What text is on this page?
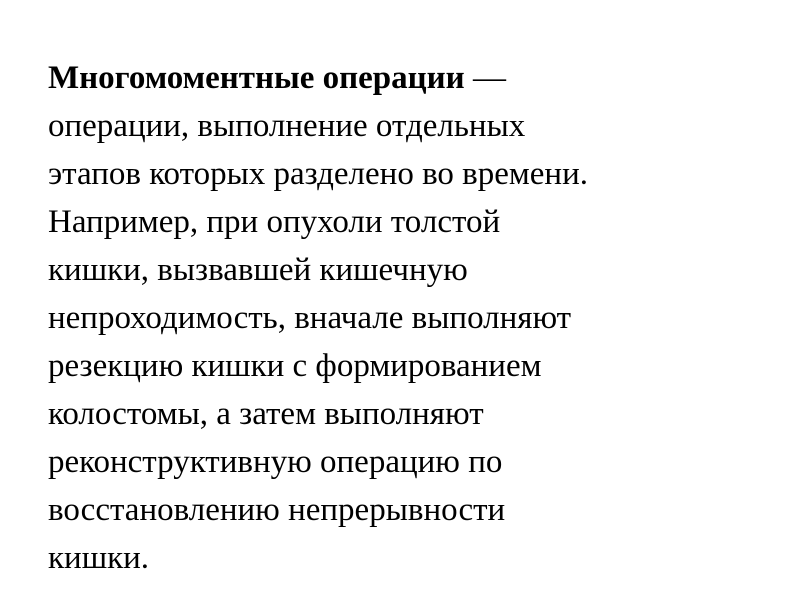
Многомоментные операции —
операции, выполнение отдельных
этапов которых разделено во времени.
Например, при опухоли толстой
кишки, вызвавшей кишечную
непроходимость, вначале выполняют
резекцию кишки с формированием
колостомы, а затем выполняют
реконструктивную операцию по
восстановлению непрерывности
кишки.
